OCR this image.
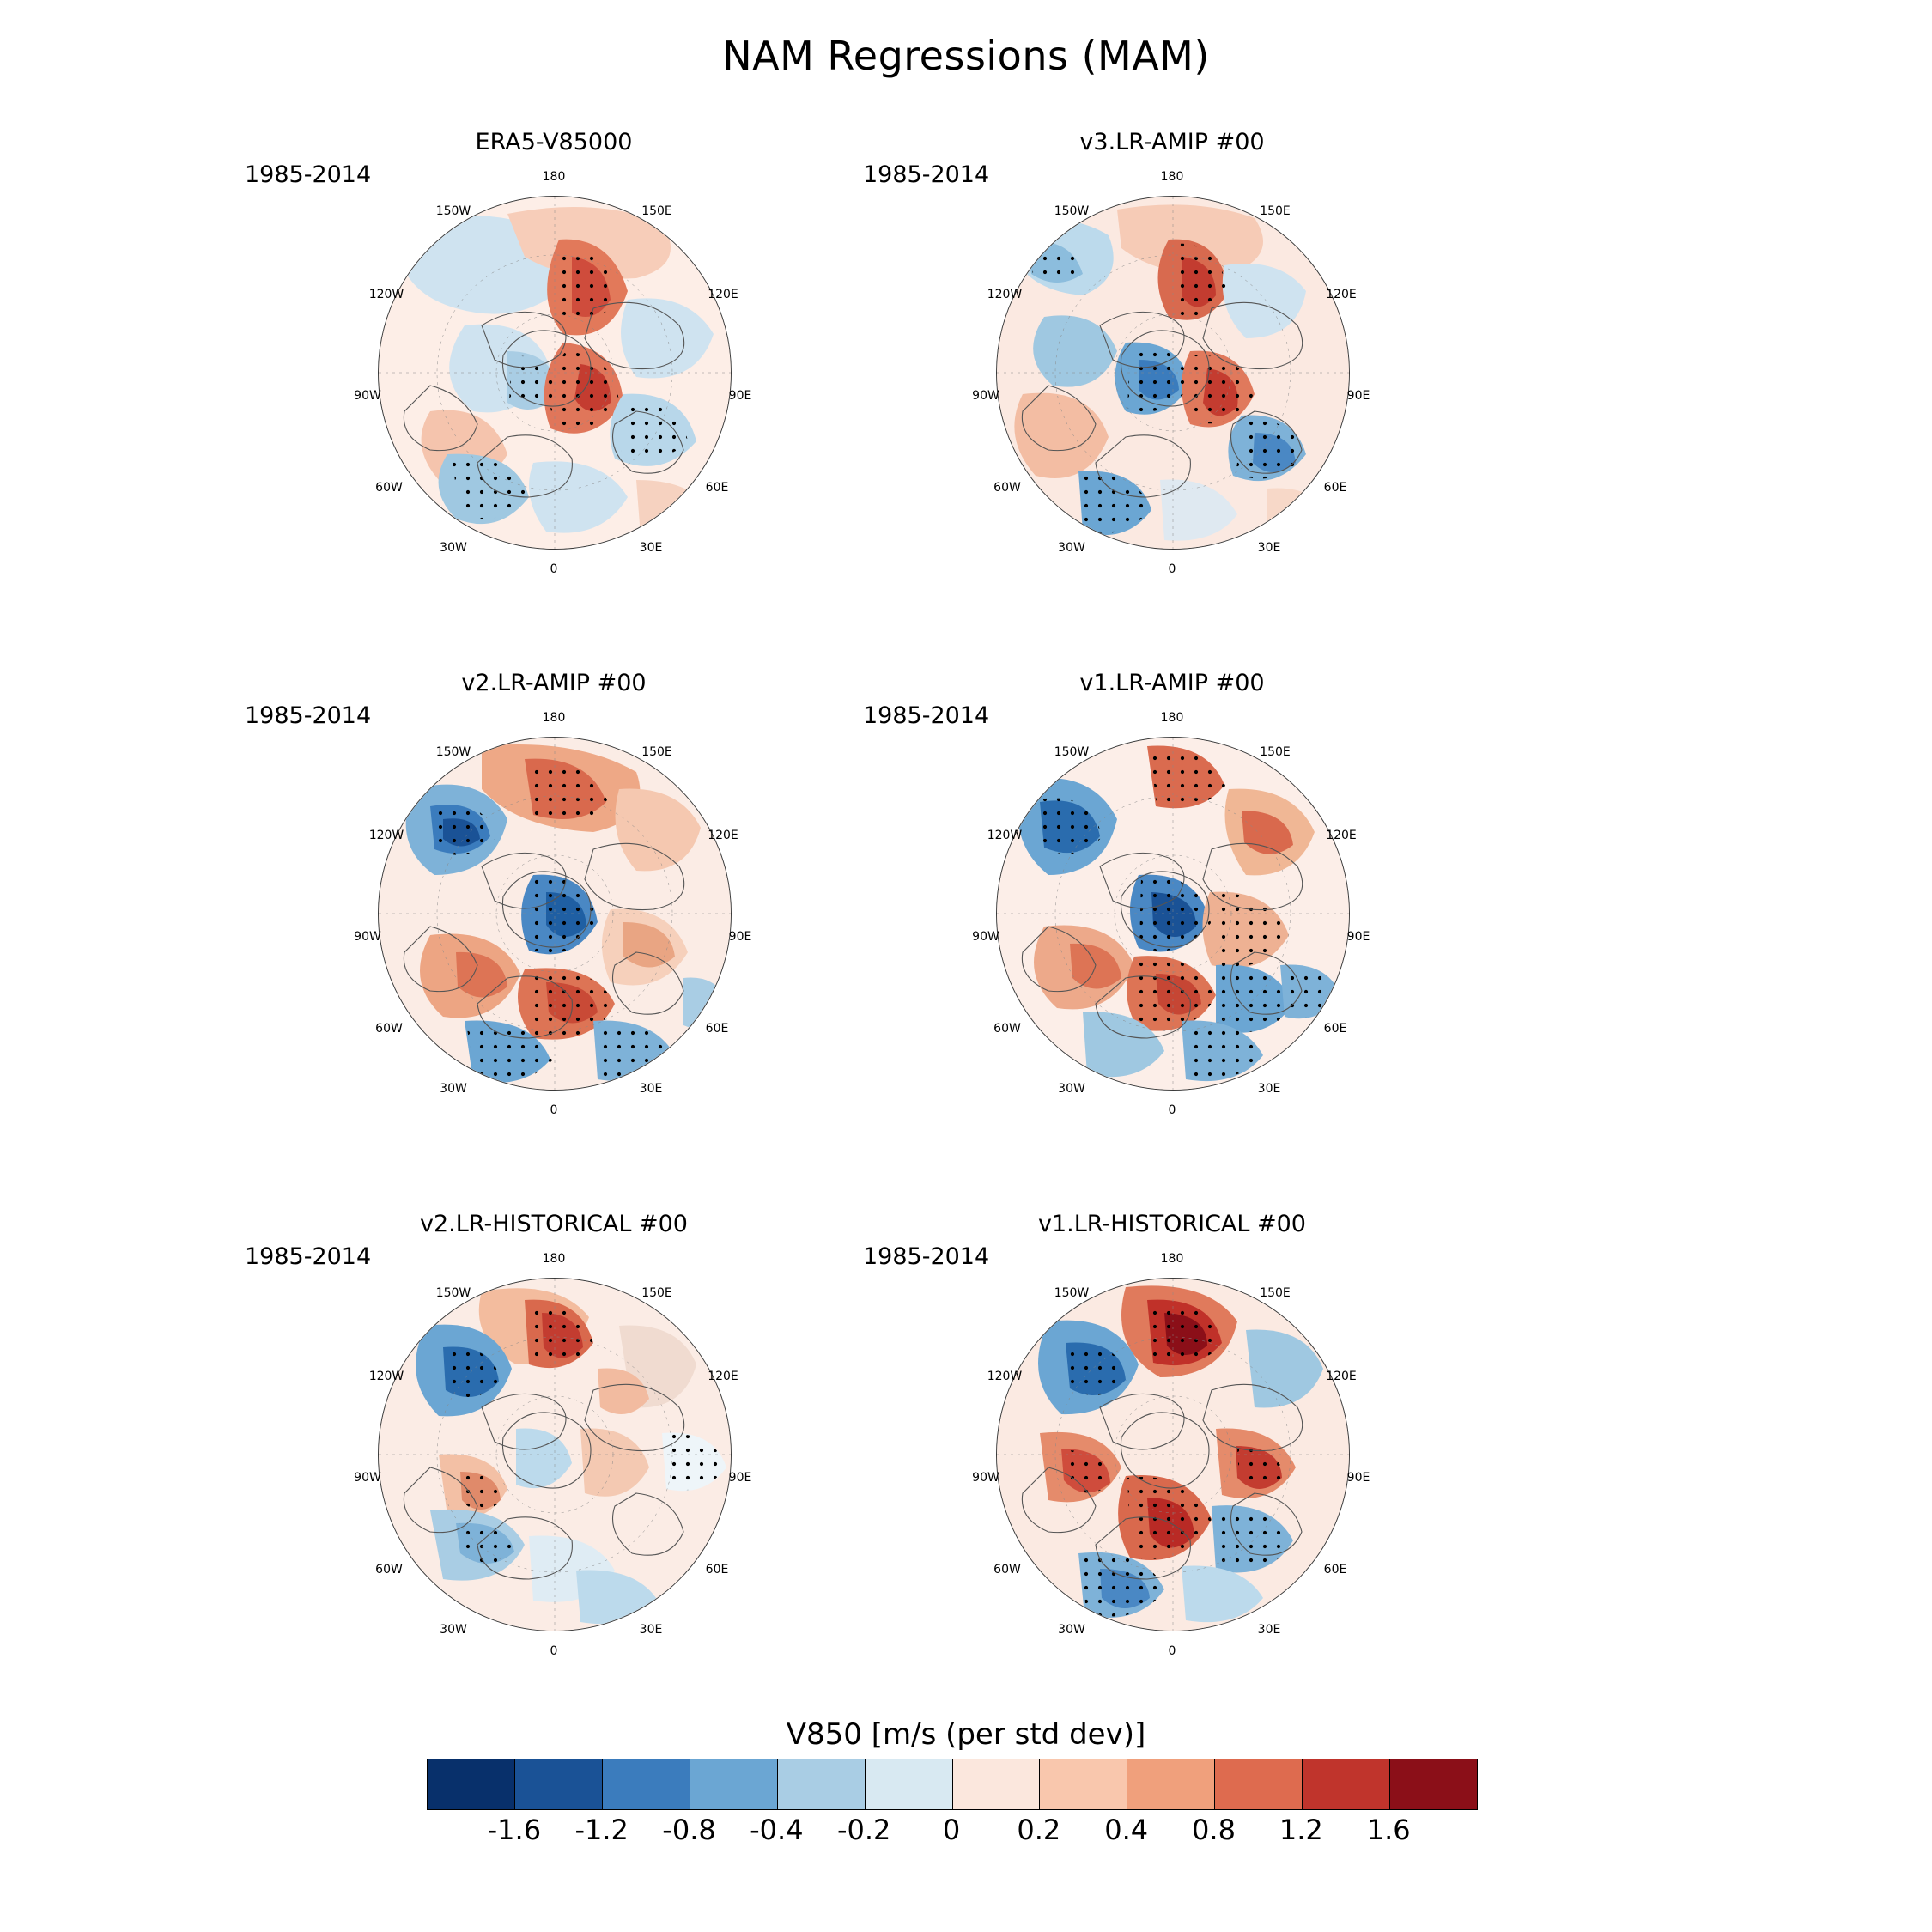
NAM Regressions (MAM)
ERA5-V85000
1985-2014	180
150E
120E
90E
60E
30E
0
30W
60W
90W
120W
150W
v3.LR-AMIP #00
1985-2014	180
150E
120E
90E
60E
30E
0
30W
60W
90W
120W
150W
v2.LR-AMIP #00
1985-2014	180
150E
120E
90E
60E
30E
0
30W
60W
90W
120W
150W
v1.LR-AMIP #00
1985-2014	180
150E
120E
90E
60E
30E
0
30W
60W
90W
120W
150W
v2.LR-HISTORICAL #00
1985-2014	180
150E
120E
90E
60E
30E
0
30W
60W
90W
120W
150W
v1.LR-HISTORICAL #00
1985-2014	180
150E
120E
90E
60E
30E
0
30W
60W
90W
120W
150W
V850 [m/s (per std dev)]
-1.6 -1.2 -0.8 -0.4 -0.2 0 0.2 0.4 0.8 1.2 1.6
